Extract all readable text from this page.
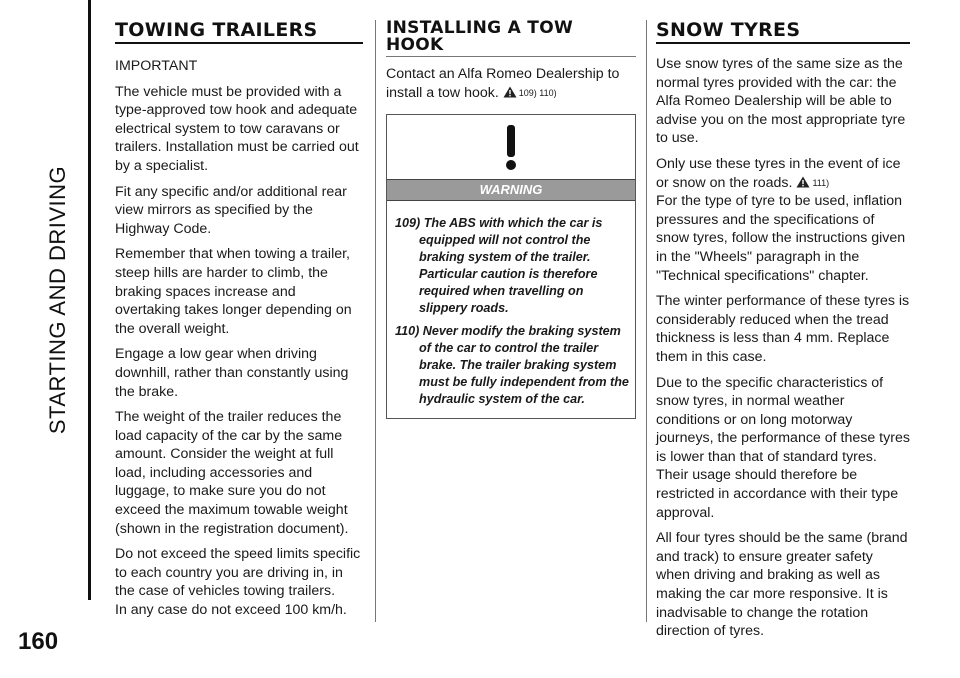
STARTING AND DRIVING
160
TOWING TRAILERS

IMPORTANT

The vehicle must be provided with a type-approved tow hook and adequate electrical system to tow caravans or trailers. Installation must be carried out by a specialist.

Fit any specific and/or additional rear view mirrors as specified by the Highway Code.

Remember that when towing a trailer, steep hills are harder to climb, the braking spaces increase and overtaking takes longer depending on the overall weight.

Engage a low gear when driving downhill, rather than constantly using the brake.

The weight of the trailer reduces the load capacity of the car by the same amount. Consider the weight at full load, including accessories and luggage, to make sure you do not exceed the maximum towable weight (shown in the registration document).

Do not exceed the speed limits specific to each country you are driving in, in the case of vehicles towing trailers.

In any case do not exceed 100 km/h.

INSTALLING A TOW
HOOK

Contact an Alfa Romeo Dealership to
install a tow hook. 109) 110)

WARNING
109) The ABS with which the car is equipped will not control the braking system of the trailer. Particular caution is therefore required when travelling on slippery roads.
110) Never modify the braking system of the car to control the trailer brake. The trailer braking system must be fully independent from the hydraulic system of the car.
SNOW TYRES

Use snow tyres of the same size as the normal tyres provided with the car: the Alfa Romeo Dealership will be able to advise you on the most appropriate tyre to use.

Only use these tyres in the event of ice
or snow on the roads. 111)

For the type of tyre to be used, inflation pressures and the specifications of snow tyres, follow the instructions given in the "Wheels" paragraph in the "Technical specifications" chapter.

The winter performance of these tyres is considerably reduced when the tread thickness is less than 4 mm. Replace them in this case.

Due to the specific characteristics of snow tyres, in normal weather conditions or on long motorway journeys, the performance of these tyres is lower than that of standard tyres. Their usage should therefore be restricted in accordance with their type approval.

All four tyres should be the same (brand and track) to ensure greater safety when driving and braking as well as making the car more responsive. It is inadvisable to change the rotation direction of tyres.
